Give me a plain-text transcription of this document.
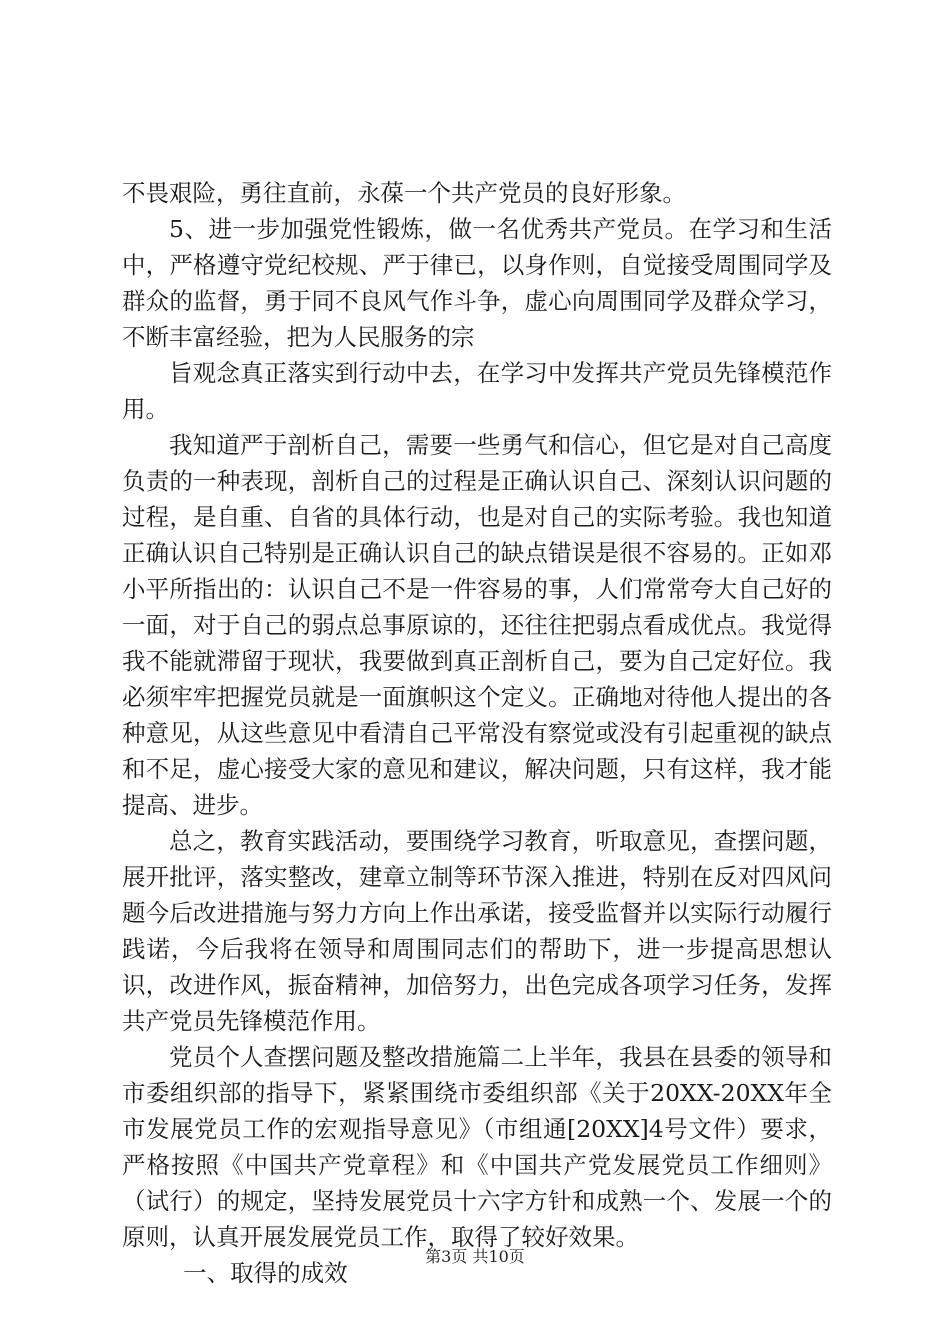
不畏艰险，勇往直前，永葆一个共产党员的良好形象。

5、进一步加强党性锻炼，做一名优秀共产党员。在学习和生活中，严格遵守党纪校规、严于律已，以身作则，自觉接受周围同学及群众的监督，勇于同不良风气作斗争，虚心向周围同学及群众学习，不断丰富经验，把为人民服务的宗

旨观念真正落实到行动中去，在学习中发挥共产党员先锋模范作用。

我知道严于剖析自己，需要一些勇气和信心，但它是对自己高度负责的一种表现，剖析自己的过程是正确认识自己、深刻认识问题的过程，是自重、自省的具体行动，也是对自己的实际考验。我也知道正确认识自己特别是正确认识自己的缺点错误是很不容易的。正如邓小平所指出的：认识自己不是一件容易的事，人们常常夸大自己好的一面，对于自己的弱点总事原谅的，还往往把弱点看成优点。我觉得我不能就滞留于现状，我要做到真正剖析自己，要为自己定好位。我必须牢牢把握党员就是一面旗帜这个定义。正确地对待他人提出的各种意见，从这些意见中看清自己平常没有察觉或没有引起重视的缺点和不足，虚心接受大家的意见和建议，解决问题，只有这样，我才能提高、进步。

总之，教育实践活动，要围绕学习教育，听取意见，查摆问题，展开批评，落实整改，建章立制等环节深入推进，特别在反对四风问题今后改进措施与努力方向上作出承诺，接受监督并以实际行动履行践诺，今后我将在领导和周围同志们的帮助下，进一步提高思想认识，改进作风，振奋精神，加倍努力，出色完成各项学习任务，发挥共产党员先锋模范作用。

党员个人查摆问题及整改措施篇二上半年，我县在县委的领导和市委组织部的指导下，紧紧围绕市委组织部《关于20XX-20XX年全市发展党员工作的宏观指导意见》（市组通[20XX]4号文件）要求，严格按照《中国共产党章程》和《中国共产党发展党员工作细则》（试行）的规定，坚持发展党员十六字方针和成熟一个、发展一个的原则，认真开展发展党员工作，取得了较好效果。

一、取得的成效

第3页 共10页
